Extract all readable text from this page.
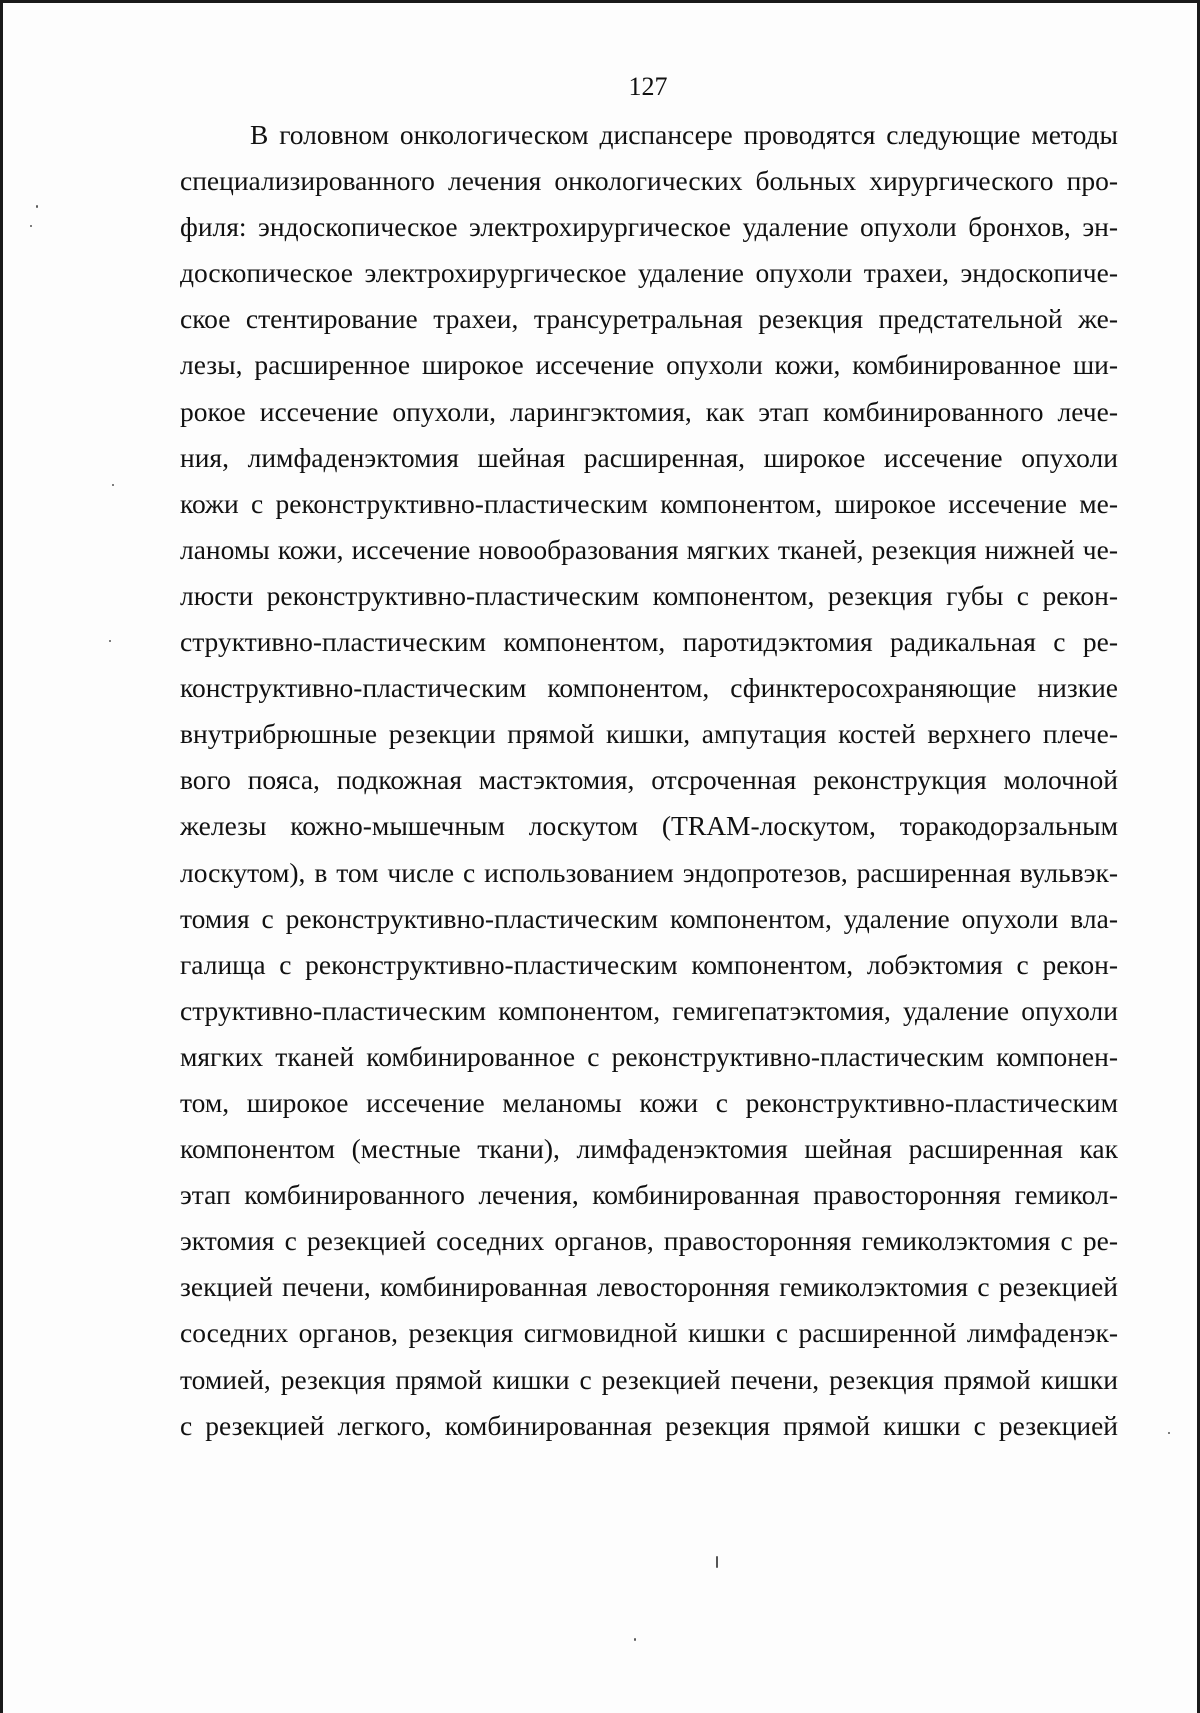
127
В головном онкологическом диспансере проводятся следующие методы
специализированного лечения онкологических больных хирургического про-
филя: эндоскопическое электрохирургическое удаление опухоли бронхов, эн-
доскопическое электрохирургическое удаление опухоли трахеи, эндоскопиче-
ское стентирование трахеи, трансуретральная резекция предстательной же-
лезы, расширенное широкое иссечение опухоли кожи, комбинированное ши-
рокое иссечение опухоли, ларингэктомия, как этап комбинированного лече-
ния, лимфаденэктомия шейная расширенная, широкое иссечение опухоли
кожи с реконструктивно-пластическим компонентом, широкое иссечение ме-
ланомы кожи, иссечение новообразования мягких тканей, резекция нижней че-
люсти реконструктивно-пластическим компонентом, резекция губы с рекон-
структивно-пластическим компонентом, паротидэктомия радикальная с ре-
конструктивно-пластическим компонентом, сфинктеросохраняющие низкие
внутрибрюшные резекции прямой кишки, ампутация костей верхнего плече-
вого пояса, подкожная мастэктомия, отсроченная реконструкция молочной
железы кожно-мышечным лоскутом (TRAM-лоскутом, торакодорзальным
лоскутом), в том числе с использованием эндопротезов, расширенная вульвэк-
томия с реконструктивно-пластическим компонентом, удаление опухоли вла-
галища с реконструктивно-пластическим компонентом, лобэктомия с рекон-
структивно-пластическим компонентом, гемигепатэктомия, удаление опухоли
мягких тканей комбинированное с реконструктивно-пластическим компонен-
том, широкое иссечение меланомы кожи с реконструктивно-пластическим
компонентом (местные ткани), лимфаденэктомия шейная расширенная как
этап комбинированного лечения, комбинированная правосторонняя гемикол-
эктомия с резекцией соседних органов, правосторонняя гемиколэктомия с ре-
зекцией печени, комбинированная левосторонняя гемиколэктомия с резекцией
соседних органов, резекция сигмовидной кишки с расширенной лимфаденэк-
томией, резекция прямой кишки с резекцией печени, резекция прямой кишки
с резекцией легкого, комбинированная резекция прямой кишки с резекцией
